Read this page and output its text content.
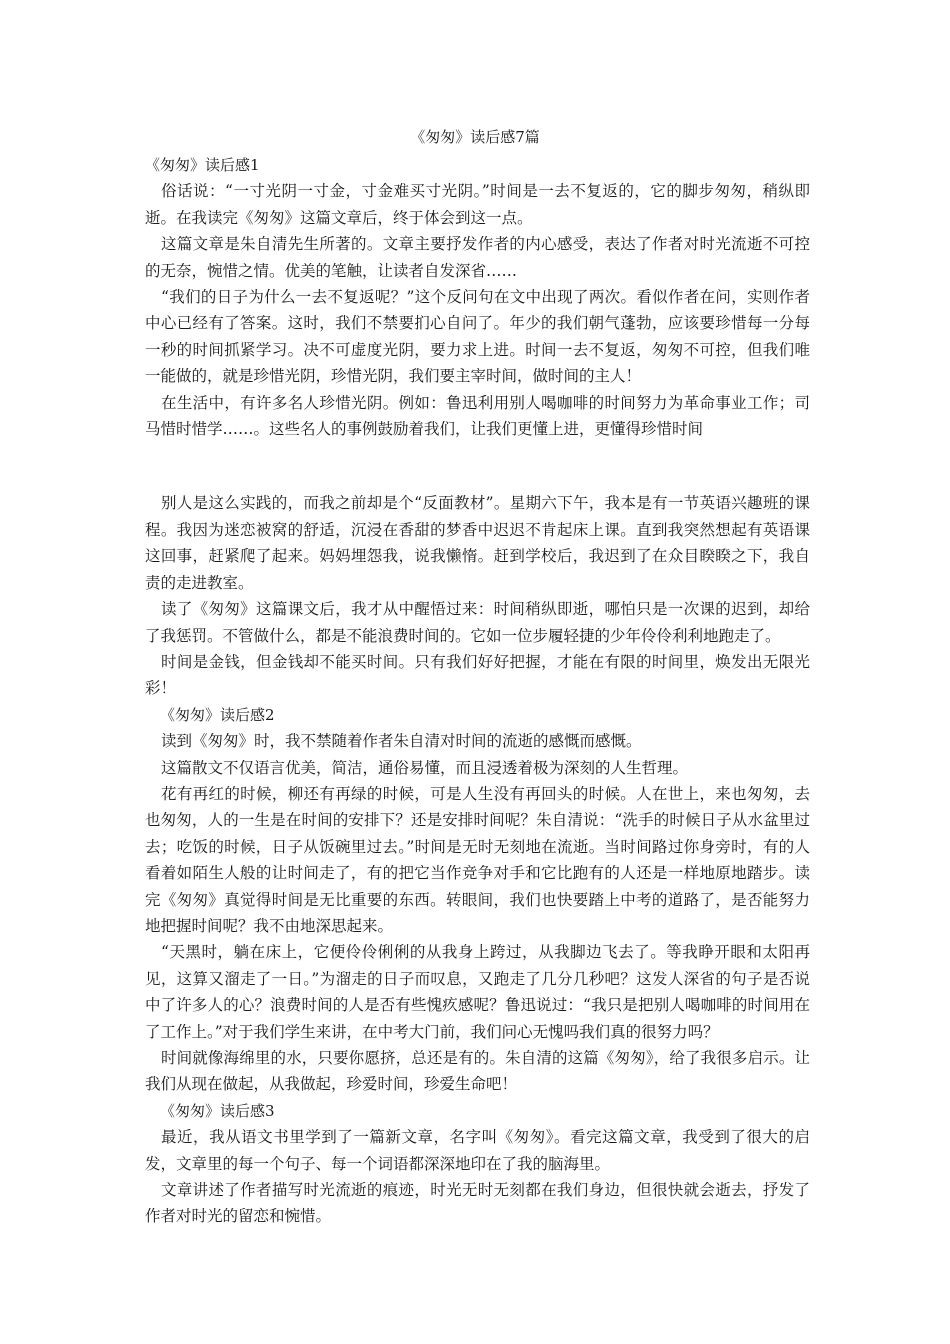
《匆匆》读后感7篇
《匆匆》读后感1

俗话说：“一寸光阴一寸金，寸金难买寸光阴。”时间是一去不复返的，它的脚步匆匆，稍纵即逝。在我读完《匆匆》这篇文章后，终于体会到这一点。

这篇文章是朱自清先生所著的。文章主要抒发作者的内心感受，表达了作者对时光流逝不可控的无奈，惋惜之情。优美的笔触，让读者自发深省……

“我们的日子为什么一去不复返呢？”这个反问句在文中出现了两次。看似作者在问，实则作者中心已经有了答案。这时，我们不禁要扪心自问了。年少的我们朝气蓬勃，应该要珍惜每一分每一秒的时间抓紧学习。决不可虚度光阴，要力求上进。时间一去不复返，匆匆不可控，但我们唯一能做的，就是珍惜光阴，珍惜光阴，我们要主宰时间，做时间的主人！

在生活中，有许多名人珍惜光阴。例如：鲁迅利用别人喝咖啡的时间努力为革命事业工作；司马惜时惜学……。这些名人的事例鼓励着我们，让我们更懂上进，更懂得珍惜时间

别人是这么实践的，而我之前却是个“反面教材”。星期六下午，我本是有一节英语兴趣班的课程。我因为迷恋被窝的舒适，沉浸在香甜的梦香中迟迟不肯起床上课。直到我突然想起有英语课这回事，赶紧爬了起来。妈妈埋怨我，说我懒惰。赶到学校后，我迟到了在众目睽睽之下，我自责的走进教室。

读了《匆匆》这篇课文后，我才从中醒悟过来：时间稍纵即逝，哪怕只是一次课的迟到，却给了我惩罚。不管做什么，都是不能浪费时间的。它如一位步履轻捷的少年伶伶利利地跑走了。

时间是金钱，但金钱却不能买时间。只有我们好好把握，才能在有限的时间里，焕发出无限光彩！

《匆匆》读后感2

读到《匆匆》时，我不禁随着作者朱自清对时间的流逝的感慨而感慨。

这篇散文不仅语言优美，简洁，通俗易懂，而且浸透着极为深刻的人生哲理。

花有再红的时候，柳还有再绿的时候，可是人生没有再回头的时候。人在世上，来也匆匆，去也匆匆，人的一生是在时间的安排下？还是安排时间呢？朱自清说：“洗手的时候日子从水盆里过去；吃饭的时候，日子从饭碗里过去。”时间是无时无刻地在流逝。当时间路过你身旁时，有的人看着如陌生人般的让时间走了，有的把它当作竞争对手和它比跑有的人还是一样地原地踏步。读完《匆匆》真觉得时间是无比重要的东西。转眼间，我们也快要踏上中考的道路了，是否能努力地把握时间呢？我不由地深思起来。

“天黑时，躺在床上，它便伶伶俐俐的从我身上跨过，从我脚边飞去了。等我睁开眼和太阳再见，这算又溜走了一日。”为溜走的日子而叹息，又跑走了几分几秒吧？这发人深省的句子是否说中了许多人的心？浪费时间的人是否有些愧疚感呢？鲁迅说过：“我只是把别人喝咖啡的时间用在了工作上。”对于我们学生来讲，在中考大门前，我们问心无愧吗我们真的很努力吗？

时间就像海绵里的水，只要你愿挤，总还是有的。朱自清的这篇《匆匆》，给了我很多启示。让我们从现在做起，从我做起，珍爱时间，珍爱生命吧！

《匆匆》读后感3

最近，我从语文书里学到了一篇新文章，名字叫《匆匆》。看完这篇文章，我受到了很大的启发，文章里的每一个句子、每一个词语都深深地印在了我的脑海里。

文章讲述了作者描写时光流逝的痕迹，时光无时无刻都在我们身边，但很快就会逝去，抒发了作者对时光的留恋和惋惜。
